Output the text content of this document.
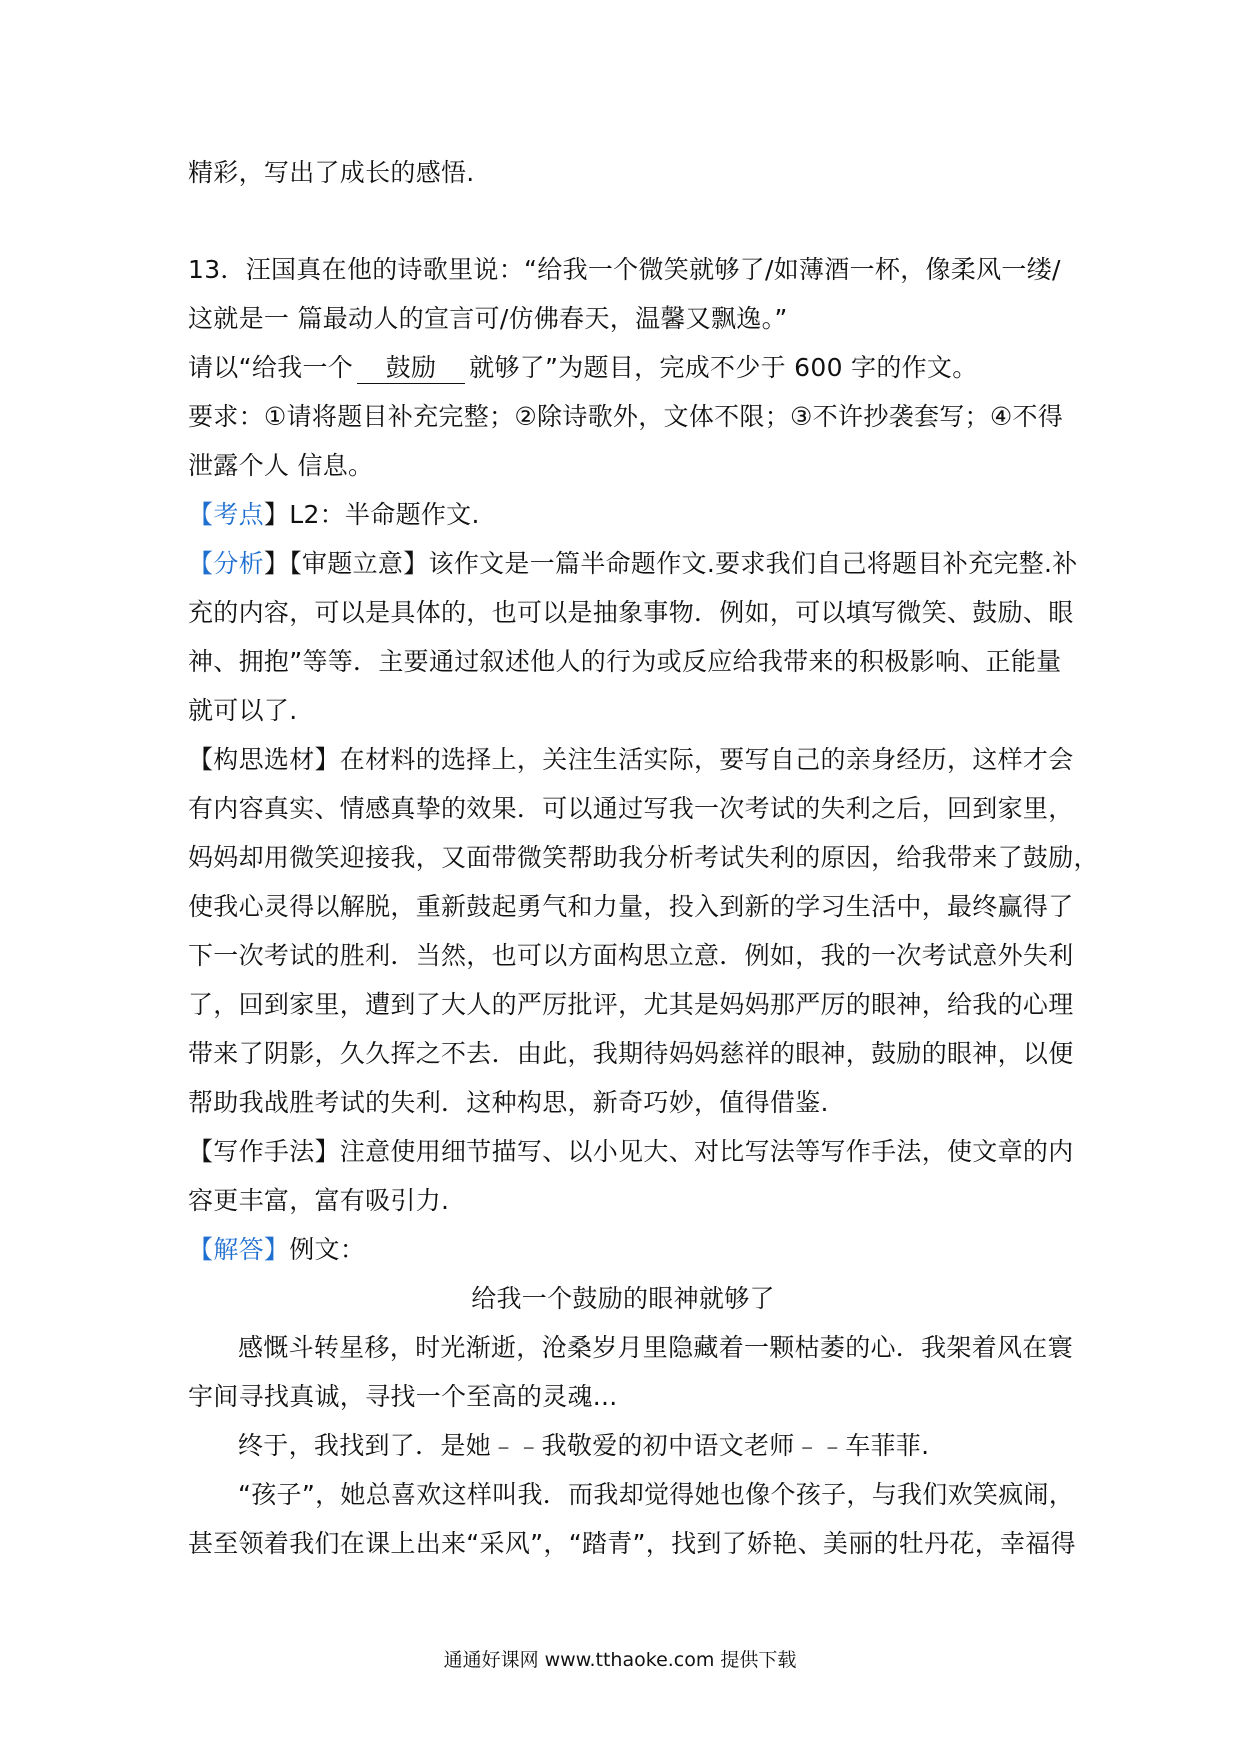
精彩，写出了成长的感悟.

13．汪国真在他的诗歌里说：“给我一个微笑就够了/如薄酒一杯，像柔风一缕/

这就是一 篇最动人的宣言可/仿佛春天，温馨又飘逸。”

请以“给我一个 鼓励 就够了”为题目，完成不少于 600 字的作文。

要求：①请将题目补充完整；②除诗歌外，文体不限；③不许抄袭套写；④不得

泄露个人 信息。

【考点】L2：半命题作文.

【分析】【审题立意】该作文是一篇半命题作文.要求我们自己将题目补充完整.补

充的内容，可以是具体的，也可以是抽象事物．例如，可以填写微笑、鼓励、眼

神、拥抱”等等．主要通过叙述他人的行为或反应给我带来的积极影响、正能量

就可以了.

【构思选材】在材料的选择上，关注生活实际，要写自己的亲身经历，这样才会

有内容真实、情感真挚的效果．可以通过写我一次考试的失利之后，回到家里，

妈妈却用微笑迎接我，又面带微笑帮助我分析考试失利的原因，给我带来了鼓励，

使我心灵得以解脱，重新鼓起勇气和力量，投入到新的学习生活中，最终赢得了

下一次考试的胜利．当然，也可以方面构思立意．例如，我的一次考试意外失利

了，回到家里，遭到了大人的严厉批评，尤其是妈妈那严厉的眼神，给我的心理

带来了阴影，久久挥之不去．由此，我期待妈妈慈祥的眼神，鼓励的眼神，以便

帮助我战胜考试的失利．这种构思，新奇巧妙，值得借鉴.

【写作手法】注意使用细节描写、以小见大、对比写法等写作手法，使文章的内

容更丰富，富有吸引力.

【解答】例文：

给我一个鼓励的眼神就够了

感慨斗转星移，时光渐逝，沧桑岁月里隐藏着一颗枯萎的心．我架着风在寰

宇间寻找真诚，寻找一个至高的灵魂...

终于，我找到了．是她﹣﹣我敬爱的初中语文老师﹣﹣车菲菲.

“孩子”，她总喜欢这样叫我．而我却觉得她也像个孩子，与我们欢笑疯闹，

甚至领着我们在课上出来“采风”，“踏青”，找到了娇艳、美丽的牡丹花，幸福得

通通好课网 www.tthaoke.com 提供下载
